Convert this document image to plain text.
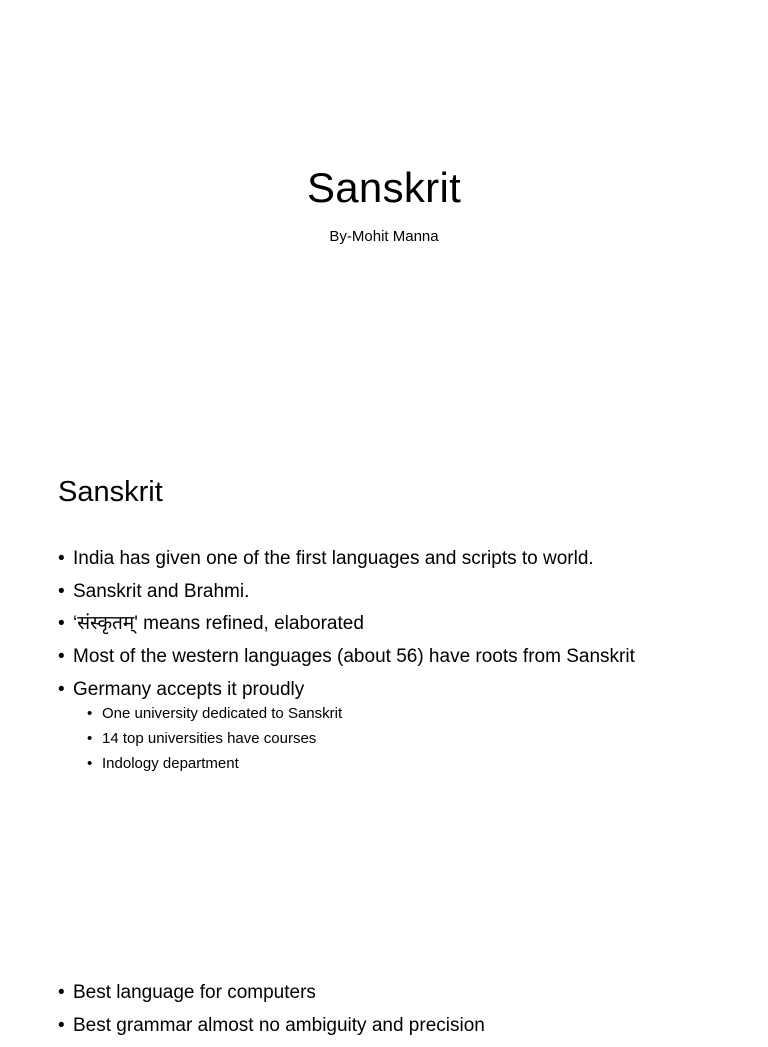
Sanskrit
By-Mohit Manna
Sanskrit
• India has given one of the first languages and scripts to world.
• Sanskrit and Brahmi.
• ‘संस्कृतम्' means refined, elaborated
• Most of the western languages (about 56) have roots from Sanskrit
• Germany accepts it proudly
• One university dedicated to Sanskrit
• 14 top universities have courses
• Indology department
• Best language for computers
• Best grammar almost no ambiguity and precision
